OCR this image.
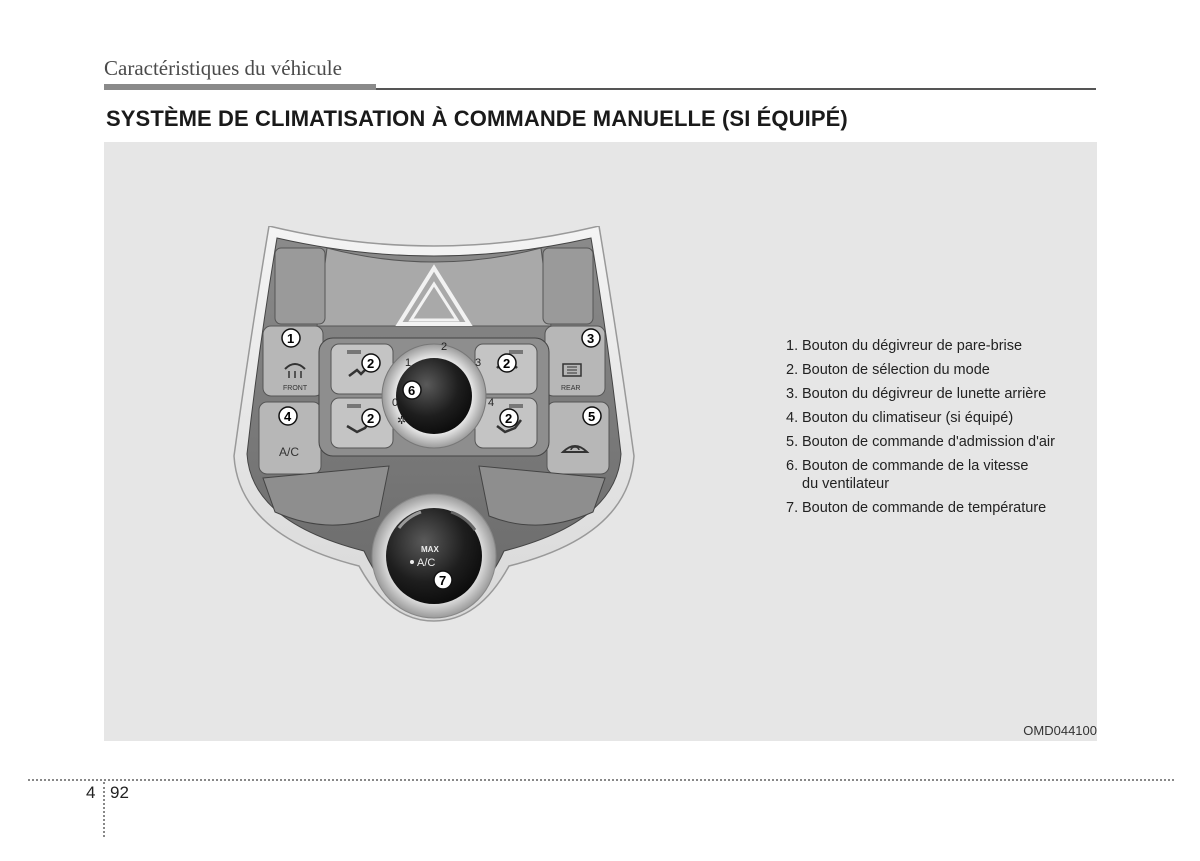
Caractéristiques du véhicule
SYSTÈME DE CLIMATISATION À COMMANDE MANUELLE (SI ÉQUIPÉ)
0
1
2
3
4
✲
FRONT	REAR
A/C
MAX
A/C
1
2
2
2
2
3
4	5
6
7
1. Bouton du dégivreur de pare-brise
2. Bouton de sélection du mode
3. Bouton du dégivreur de lunette arrière
4. Bouton du climatiseur (si équipé)
5. Bouton de commande d'admission d'air
6. Bouton de commande de la vitesse
du ventilateur
7. Bouton de commande de température
OMD044100
4 92
